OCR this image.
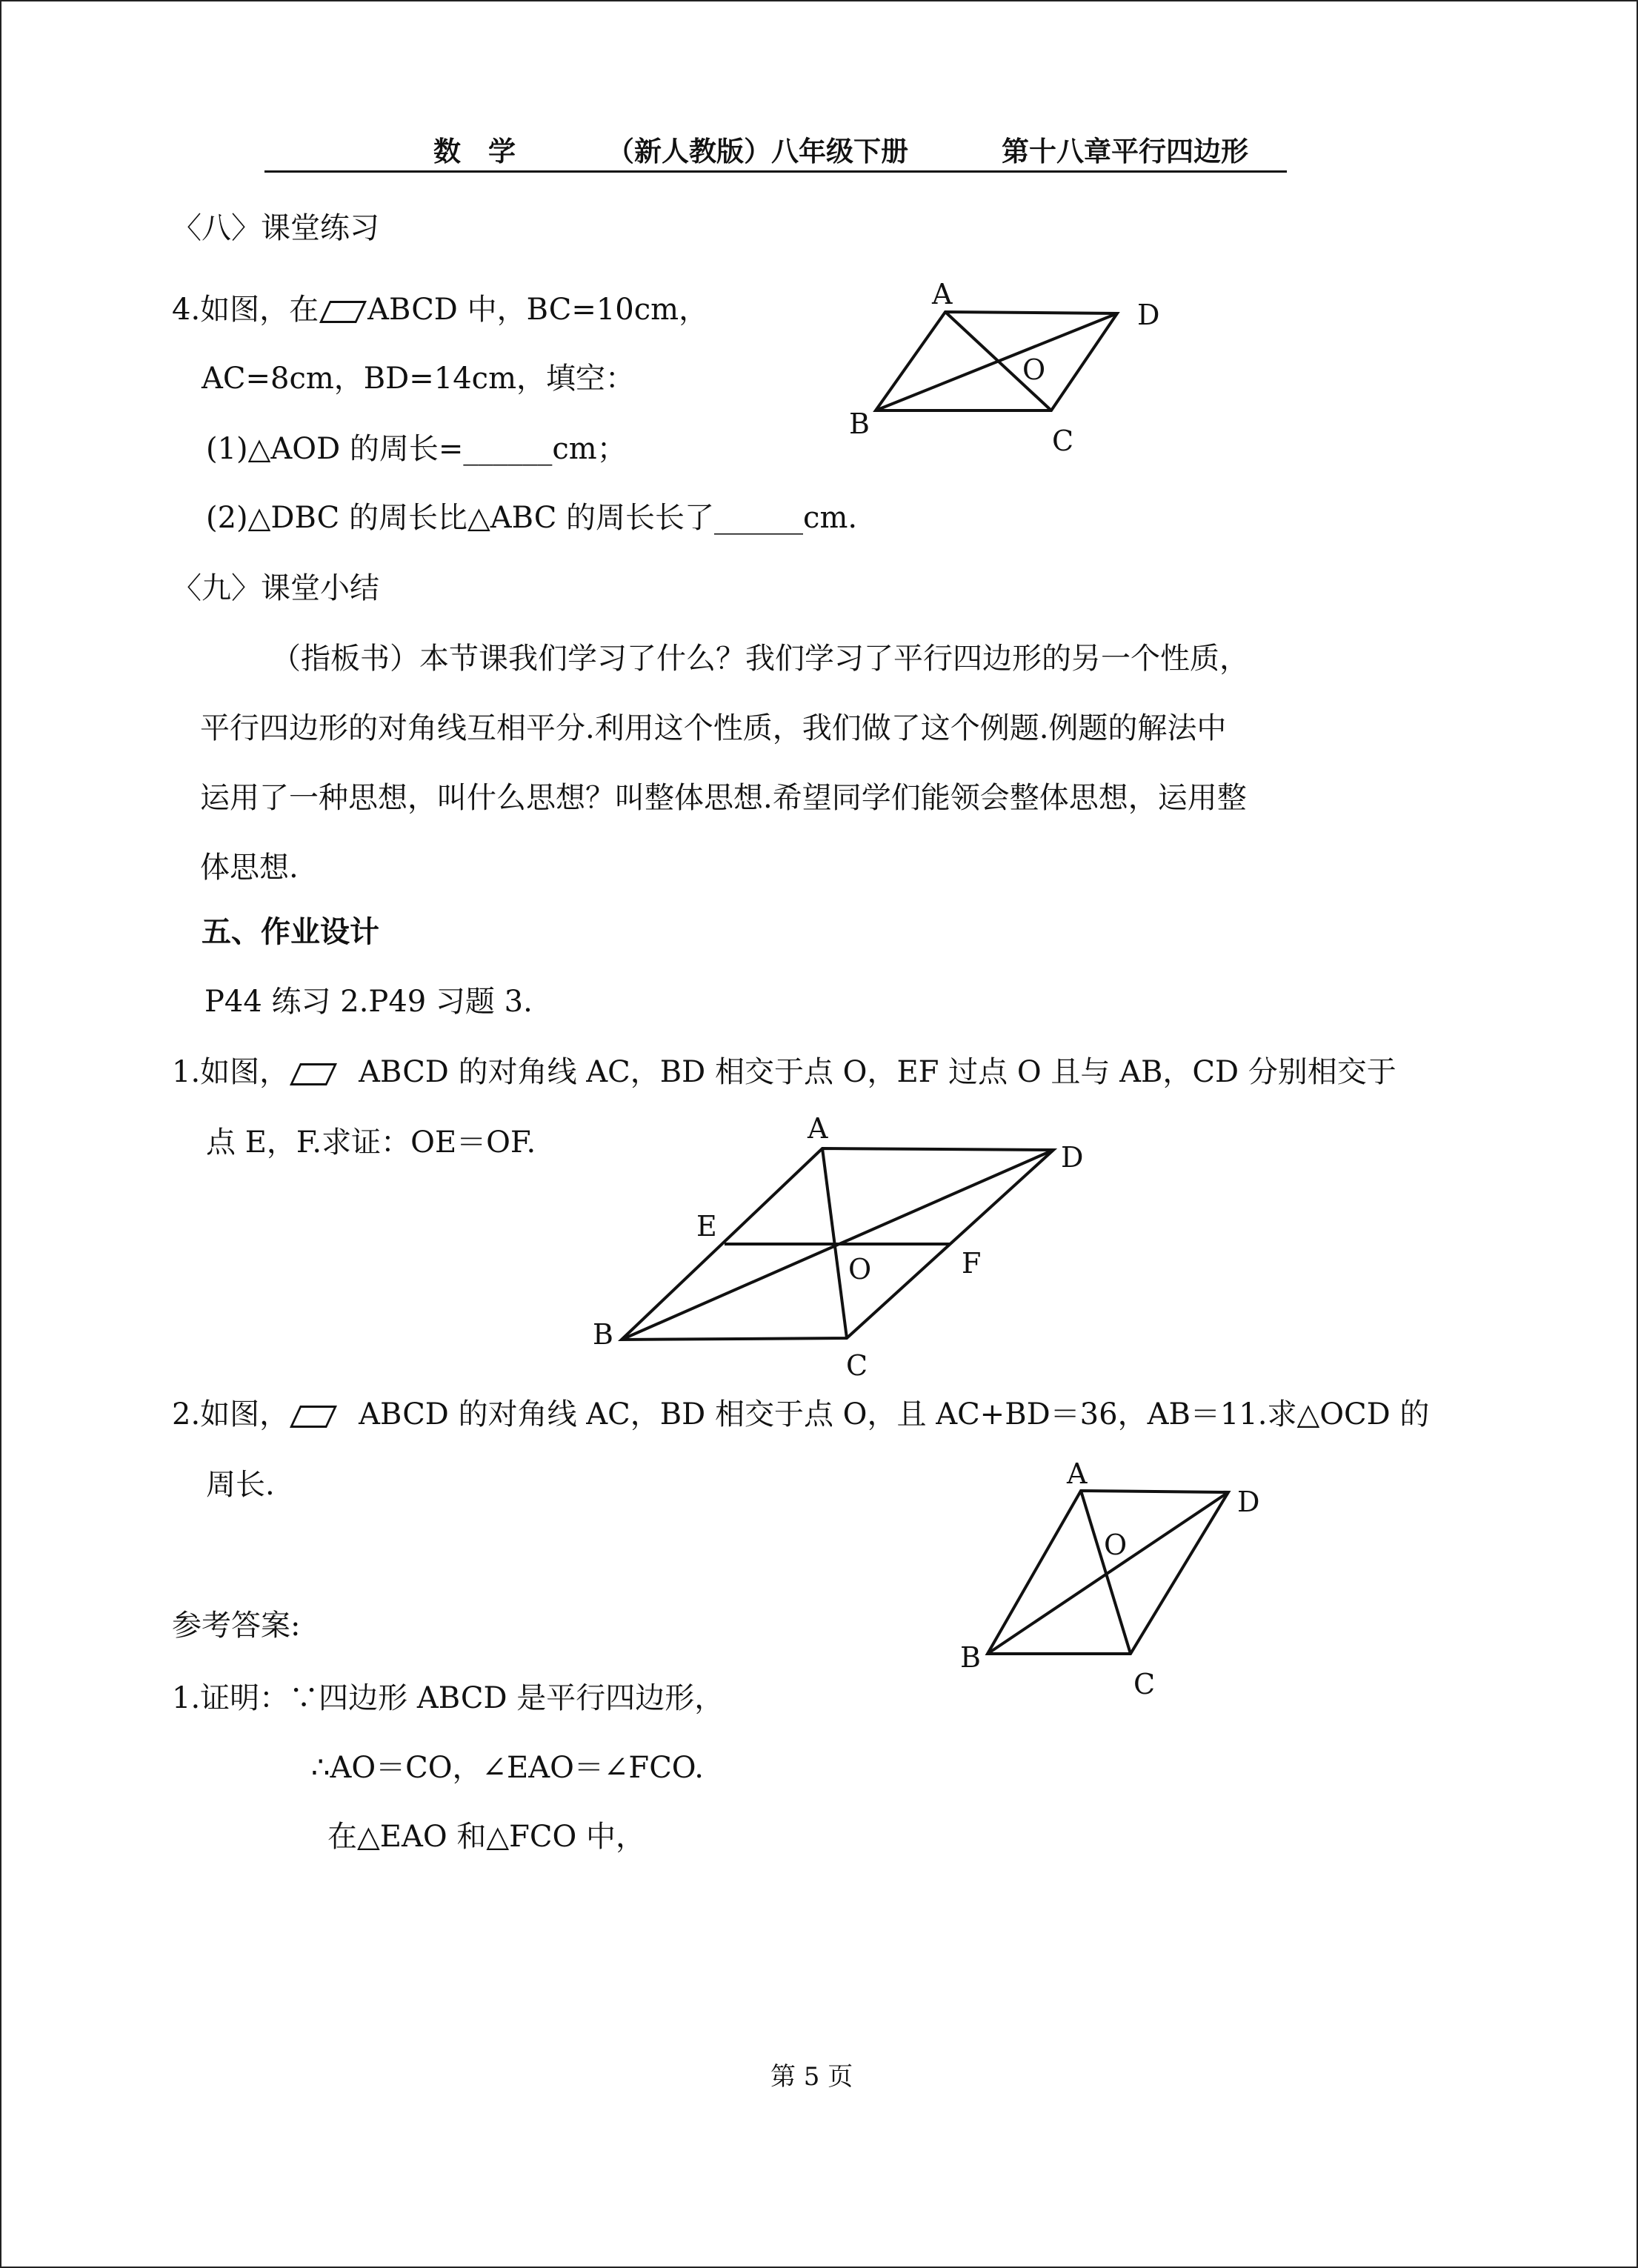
数　学	（新人教版）八年级下册	第十八章平行四边形
〈八〉课堂练习
4.如图，在 ABCD 中，BC=10cm，
AC=8cm，BD=14cm，填空：
(1)△AOD 的周长=______cm；
(2)△DBC 的周长比△ABC 的周长长了______cm.
A
D
O
B
C
〈九〉课堂小结
（指板书）本节课我们学习了什么？我们学习了平行四边形的另一个性质，
平行四边形的对角线互相平分.利用这个性质，我们做了这个例题.例题的解法中
运用了一种思想，叫什么思想？叫整体思想.希望同学们能领会整体思想，运用整
体思想.
五、作业设计
P44 练习 2.P49 习题 3.
1.如图， ABCD 的对角线 AC，BD 相交于点 O，EF 过点 O 且与 AB，CD 分别相交于
点 E，F.求证：OE＝OF.	A
D
E
F
O
B
C
2.如图， ABCD 的对角线 AC，BD 相交于点 O，且 AC+BD＝36，AB＝11.求△OCD 的
周长.	A
D
O
B
C
参考答案:
1.证明：∵四边形 ABCD 是平行四边形，
∴AO＝CO，∠EAO＝∠FCO.
在△EAO 和△FCO 中，
第 5 页
